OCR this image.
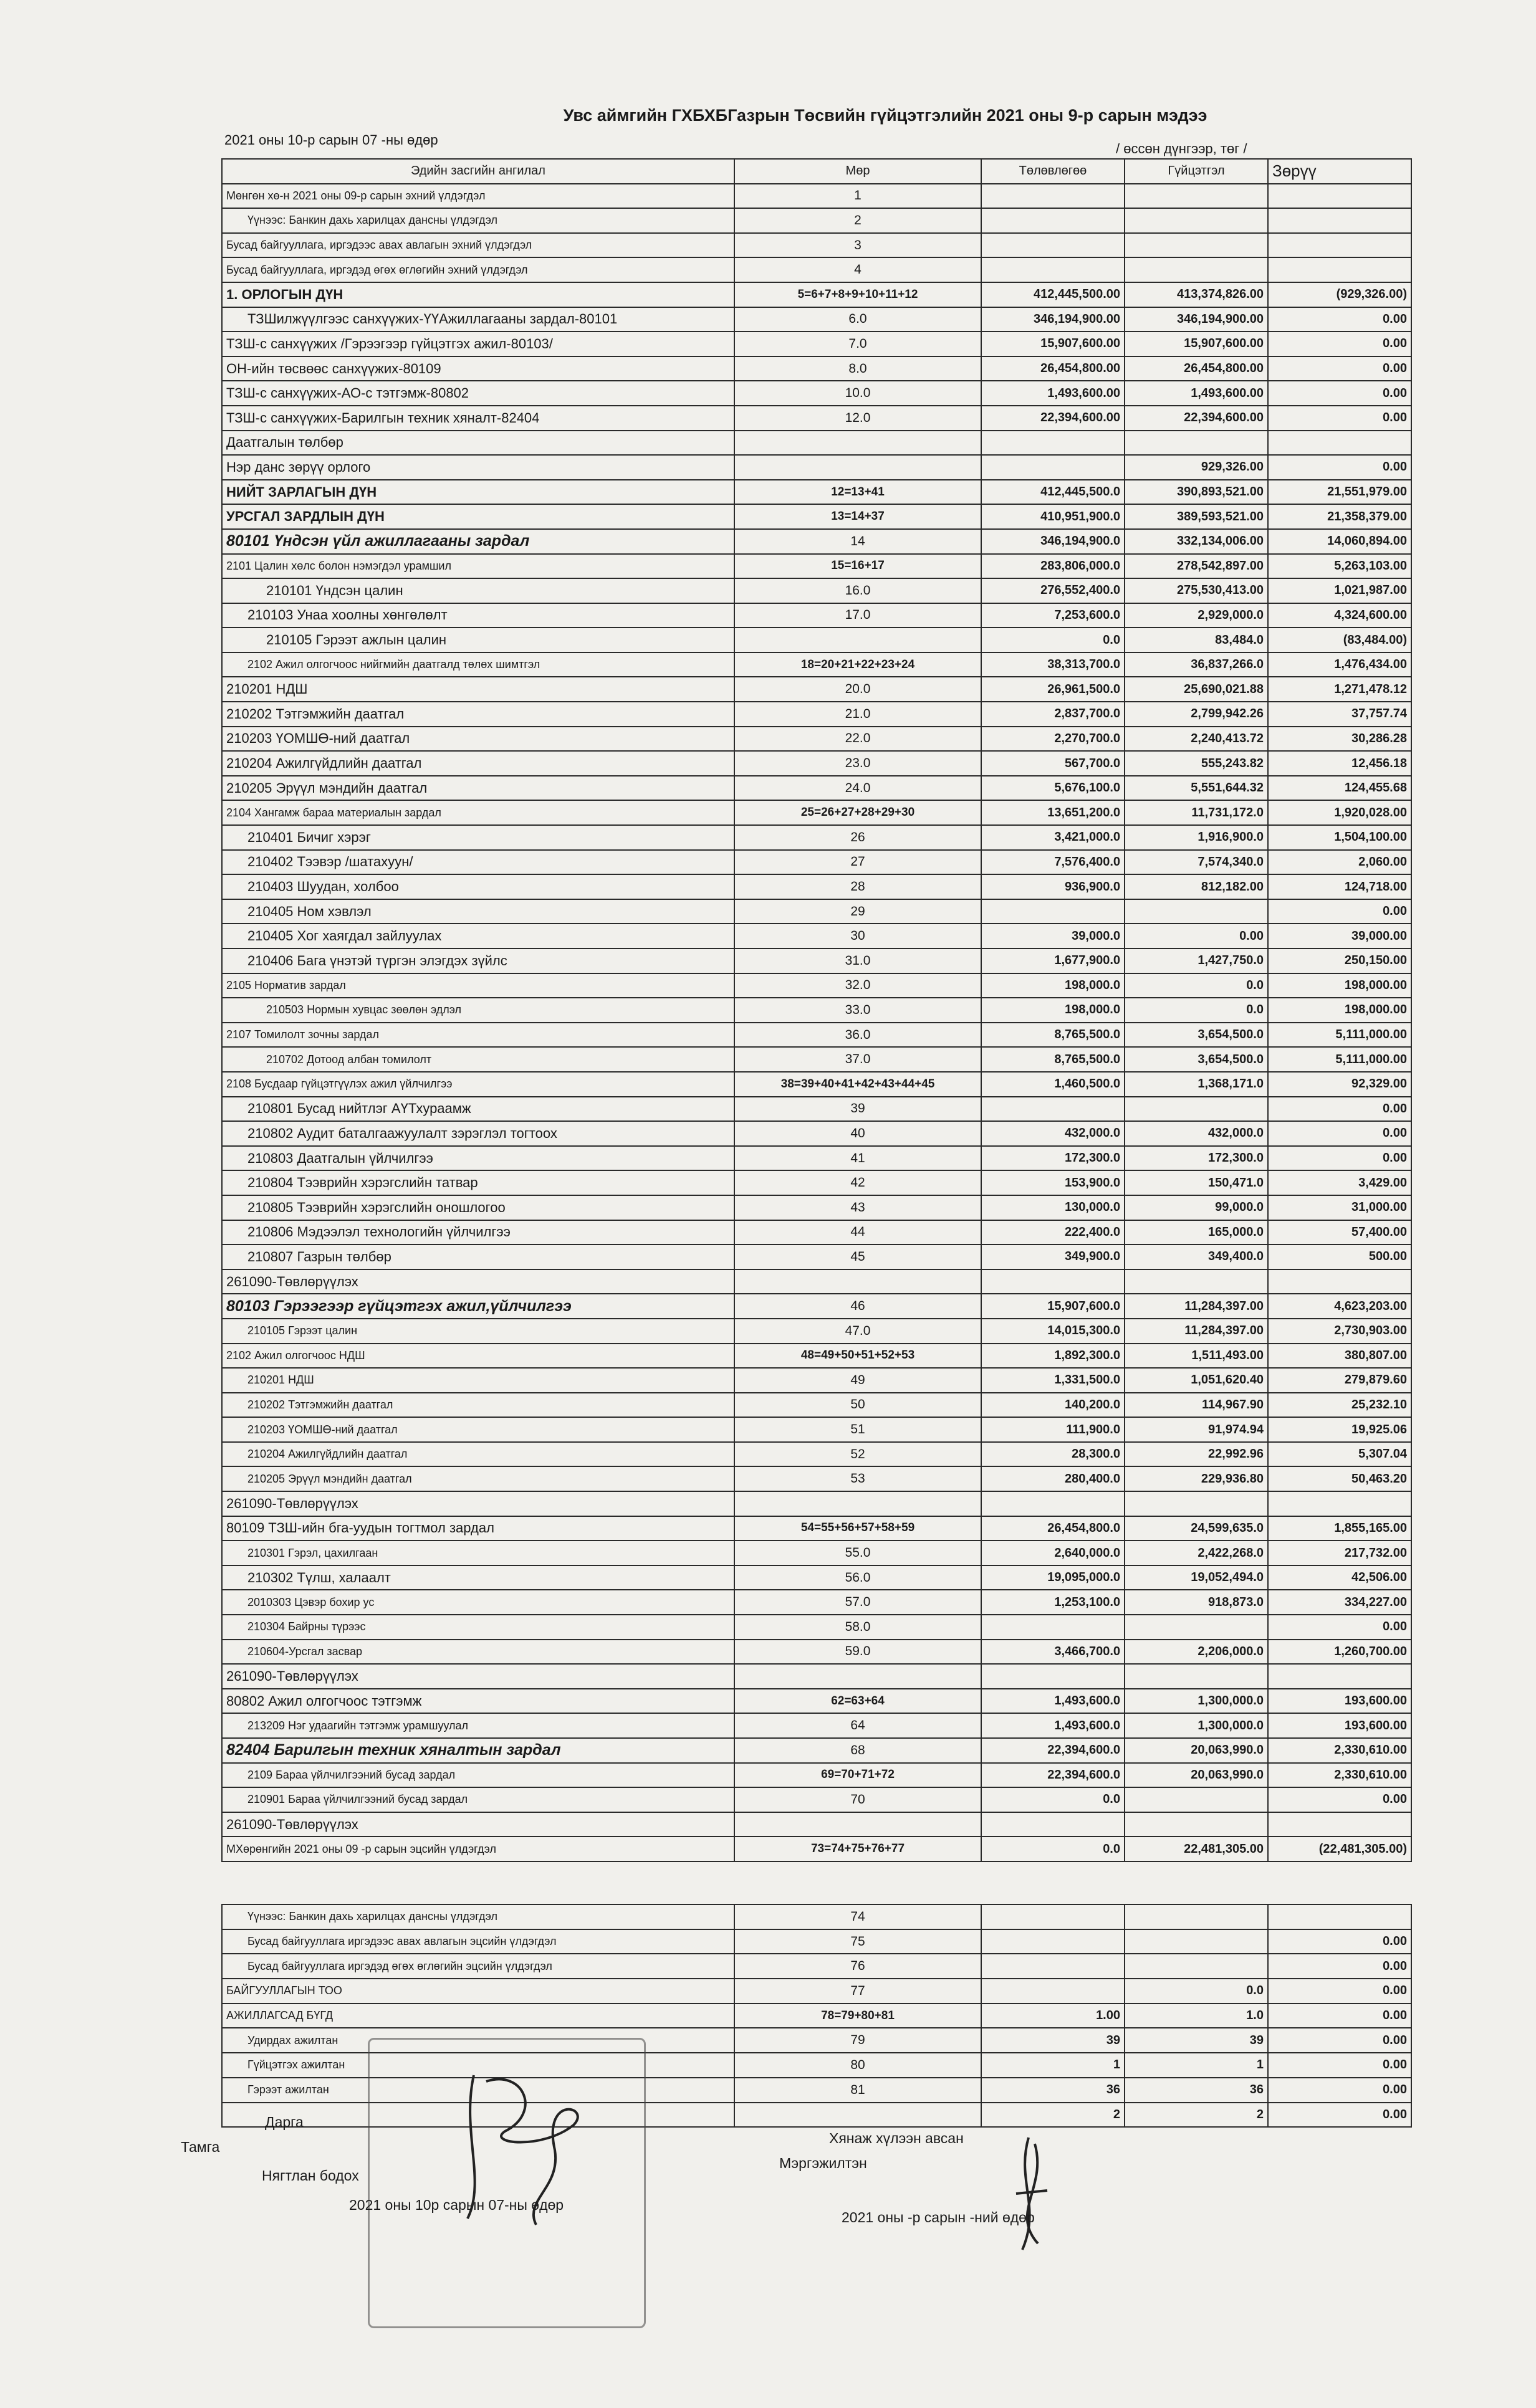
Увс аймгийн ГХБХБГазрын Төсвийн гүйцэтгэлийн 2021 оны 9-р сарын мэдээ
2021 оны 10-р сарын 07 -ны өдөр
/ өссөн дүнгээр, төг /
Эдийн засгийн ангилал	Мөр	Төлөвлөгөө	Гүйцэтгэл	Зөрүү
Мөнгөн хө-н 2021 оны 09-р сарын эхний үлдэгдэл	1			
Үүнээс: Банкин дахь харилцах дансны үлдэгдэл	2			
Бусад байгууллага, иргэдээс авах авлагын эхний үлдэгдэл	3			
Бусад байгууллага, иргэдэд өгөх өглөгийн эхний үлдэгдэл	4			
1. ОРЛОГЫН ДҮН	5=6+7+8+9+10+11+12	412,445,500.00	413,374,826.00	(929,326.00)
ТЗШилжүүлгээс санхүүжих-ҮҮАжиллагааны зардал-80101	6.0	346,194,900.00	346,194,900.00	0.00
ТЗШ-с санхүүжих /Гэрээгээр гүйцэтгэх ажил-80103/	7.0	15,907,600.00	15,907,600.00	0.00
ОН-ийн төсвөөс санхүүжих-80109	8.0	26,454,800.00	26,454,800.00	0.00
ТЗШ-с санхүүжих-АО-с тэтгэмж-80802	10.0	1,493,600.00	1,493,600.00	0.00
ТЗШ-с санхүүжих-Барилгын техник хяналт-82404	12.0	22,394,600.00	22,394,600.00	0.00
Даатгалын төлбөр				
Нэр данс зөрүү орлого			929,326.00	0.00
НИЙТ ЗАРЛАГЫН ДҮН	12=13+41	412,445,500.0	390,893,521.00	21,551,979.00
УРСГАЛ ЗАРДЛЫН ДҮН	13=14+37	410,951,900.0	389,593,521.00	21,358,379.00
80101 Үндсэн үйл ажиллагааны зардал	14	346,194,900.0	332,134,006.00	14,060,894.00
2101 Цалин хөлс болон нэмэгдэл урамшил	15=16+17	283,806,000.0	278,542,897.00	5,263,103.00
210101 Үндсэн цалин	16.0	276,552,400.0	275,530,413.00	1,021,987.00
210103 Унаа хоолны хөнгөлөлт	17.0	7,253,600.0	2,929,000.0	4,324,600.00
210105 Гэрээт ажлын цалин		0.0	83,484.0	(83,484.00)
2102 Ажил олгогчоос нийгмийн даатгалд төлөх шимтгэл	18=20+21+22+23+24	38,313,700.0	36,837,266.0	1,476,434.00
210201 НДШ	20.0	26,961,500.0	25,690,021.88	1,271,478.12
210202 Тэтгэмжийн даатгал	21.0	2,837,700.0	2,799,942.26	37,757.74
210203 ҮОМШӨ-ний даатгал	22.0	2,270,700.0	2,240,413.72	30,286.28
210204 Ажилгүйдлийн даатгал	23.0	567,700.0	555,243.82	12,456.18
210205 Эрүүл мэндийн даатгал	24.0	5,676,100.0	5,551,644.32	124,455.68
2104 Хангамж бараа материалын зардал	25=26+27+28+29+30	13,651,200.0	11,731,172.0	1,920,028.00
210401 Бичиг хэрэг	26	3,421,000.0	1,916,900.0	1,504,100.00
210402 Тээвэр /шатахуун/	27	7,576,400.0	7,574,340.0	2,060.00
210403 Шуудан, холбоо	28	936,900.0	812,182.00	124,718.00
210405 Ном хэвлэл	29			0.00
210405 Хог хаягдал зайлуулах	30	39,000.0	0.00	39,000.00
210406 Бага үнэтэй түргэн элэгдэх зүйлс	31.0	1,677,900.0	1,427,750.0	250,150.00
2105 Норматив зардал	32.0	198,000.0	0.0	198,000.00
210503 Нормын хувцас зөөлөн эдлэл	33.0	198,000.0	0.0	198,000.00
2107 Томилолт зочны зардал	36.0	8,765,500.0	3,654,500.0	5,111,000.00
210702 Дотоод албан томилолт	37.0	8,765,500.0	3,654,500.0	5,111,000.00
2108 Бусдаар гүйцэтгүүлэх ажил үйлчилгээ	38=39+40+41+42+43+44+45	1,460,500.0	1,368,171.0	92,329.00
210801 Бусад нийтлэг АҮТхураамж	39			0.00
210802 Аудит баталгаажуулалт зэрэглэл тогтоох	40	432,000.0	432,000.0	0.00
210803 Даатгалын үйлчилгээ	41	172,300.0	172,300.0	0.00
210804 Тээврийн хэрэгслийн татвар	42	153,900.0	150,471.0	3,429.00
210805 Тээврийн хэрэгслийн оношлогоо	43	130,000.0	99,000.0	31,000.00
210806 Мэдээлэл технологийн үйлчилгээ	44	222,400.0	165,000.0	57,400.00
210807 Газрын төлбөр	45	349,900.0	349,400.0	500.00
261090-Төвлөрүүлэх				
80103 Гэрээгээр гүйцэтгэх ажил,үйлчилгээ	46	15,907,600.0	11,284,397.00	4,623,203.00
210105 Гэрээт цалин	47.0	14,015,300.0	11,284,397.00	2,730,903.00
2102 Ажил олгогчоос НДШ	48=49+50+51+52+53	1,892,300.0	1,511,493.00	380,807.00
210201 НДШ	49	1,331,500.0	1,051,620.40	279,879.60
210202 Тэтгэмжийн даатгал	50	140,200.0	114,967.90	25,232.10
210203 ҮОМШӨ-ний даатгал	51	111,900.0	91,974.94	19,925.06
210204 Ажилгүйдлийн даатгал	52	28,300.0	22,992.96	5,307.04
210205 Эрүүл мэндийн даатгал	53	280,400.0	229,936.80	50,463.20
261090-Төвлөрүүлэх				
80109 ТЗШ-ийн бга-уудын тогтмол зардал	54=55+56+57+58+59	26,454,800.0	24,599,635.0	1,855,165.00
210301 Гэрэл, цахилгаан	55.0	2,640,000.0	2,422,268.0	217,732.00
210302 Түлш, халаалт	56.0	19,095,000.0	19,052,494.0	42,506.00
2010303 Цэвэр бохир ус	57.0	1,253,100.0	918,873.0	334,227.00
210304 Байрны түрээс	58.0			0.00
210604-Урсгал засвар	59.0	3,466,700.0	2,206,000.0	1,260,700.00
261090-Төвлөрүүлэх				
80802 Ажил олгогчоос тэтгэмж	62=63+64	1,493,600.0	1,300,000.0	193,600.00
213209 Нэг удаагийн тэтгэмж урамшуулал	64	1,493,600.0	1,300,000.0	193,600.00
82404 Барилгын техник хяналтын зардал	68	22,394,600.0	20,063,990.0	2,330,610.00
2109 Бараа үйлчилгээний бусад зардал	69=70+71+72	22,394,600.0	20,063,990.0	2,330,610.00
210901 Бараа үйлчилгээний бусад зардал	70	0.0		0.00
261090-Төвлөрүүлэх				
МХөрөнгийн 2021 оны 09 -р сарын эцсийн үлдэгдэл	73=74+75+76+77	0.0	22,481,305.00	(22,481,305.00)
Үүнээс: Банкин дахь харилцах дансны үлдэгдэл	74			
Бусад байгууллага иргэдээс авах авлагын эцсийн үлдэгдэл	75			0.00
Бусад байгууллага иргэдэд өгөх өглөгийн эцсийн үлдэгдэл	76			0.00
БАЙГУУЛЛАГЫН ТОО	77		0.0	0.00
АЖИЛЛАГСАД БҮГД	78=79+80+81	1.00	1.0	0.00
Удирдах ажилтан	79	39	39	0.00
Гүйцэтгэх ажилтан	80	1	1	0.00
Гэрээт ажилтан	81	36	36	0.00
		2	2	0.00
Дарга
Тамга
Нягтлан бодох
2021 оны 10р сарын 07-ны өдөр
Хянаж хүлээн авсан
Мэргэжилтэн
2021 оны -р сарын -ний өдөр
